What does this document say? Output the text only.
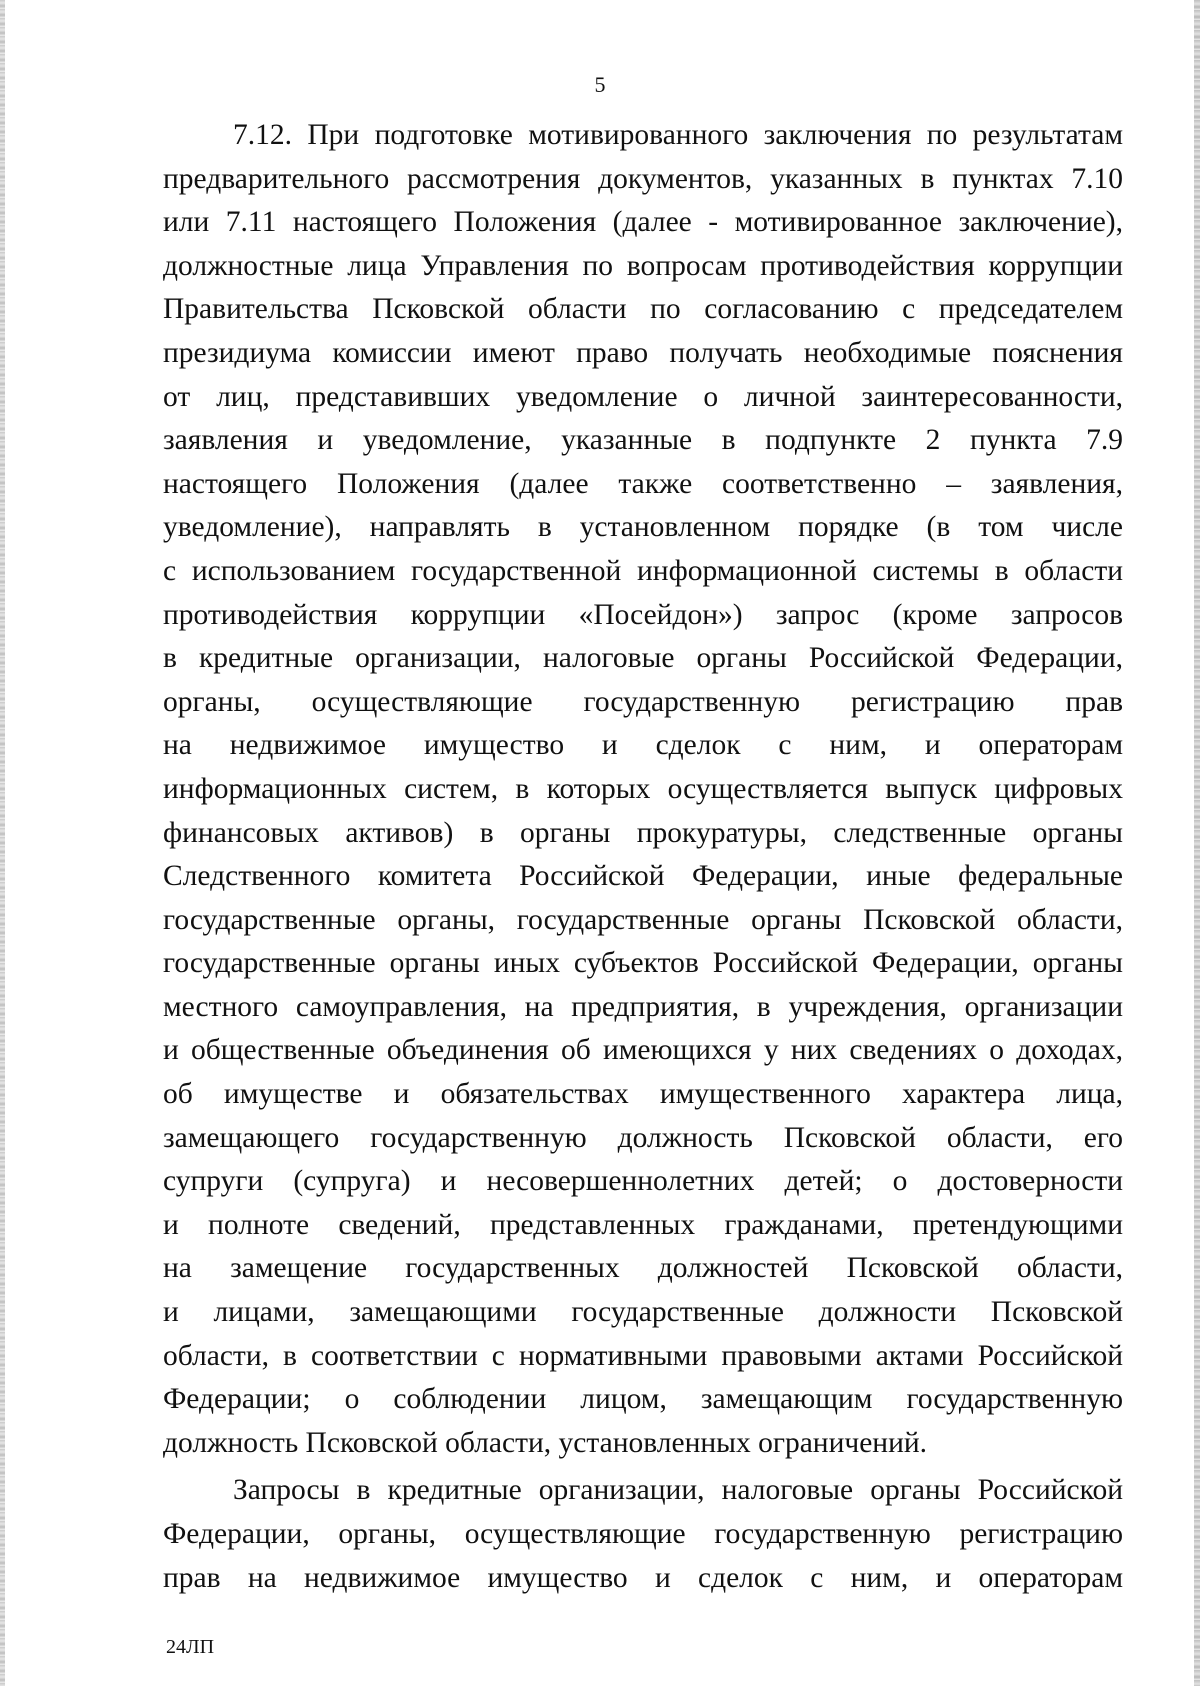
5
7.12. При подготовке мотивированного заключения по результатам
предварительного рассмотрения документов, указанных в пунктах 7.10
или 7.11 настоящего Положения (далее - мотивированное заключение),
должностные лица Управления по вопросам противодействия коррупции
Правительства Псковской области по согласованию с председателем
президиума комиссии имеют право получать необходимые пояснения
от лиц, представивших уведомление о личной заинтересованности,
заявления и уведомление, указанные в подпункте 2 пункта 7.9
настоящего Положения (далее также соответственно – заявления,
уведомление), направлять в установленном порядке (в том числе
с использованием государственной информационной системы в области
противодействия коррупции «Посейдон») запрос (кроме запросов
в кредитные организации, налоговые органы Российской Федерации,
органы, осуществляющие государственную регистрацию прав
на недвижимое имущество и сделок с ним, и операторам
информационных систем, в которых осуществляется выпуск цифровых
финансовых активов) в органы прокуратуры, следственные органы
Следственного комитета Российской Федерации, иные федеральные
государственные органы, государственные органы Псковской области,
государственные органы иных субъектов Российской Федерации, органы
местного самоуправления, на предприятия, в учреждения, организации
и общественные объединения об имеющихся у них сведениях о доходах,
об имуществе и обязательствах имущественного характера лица,
замещающего государственную должность Псковской области, его
супруги (супруга) и несовершеннолетних детей; о достоверности
и полноте сведений, представленных гражданами, претендующими
на замещение государственных должностей Псковской области,
и лицами, замещающими государственные должности Псковской
области, в соответствии с нормативными правовыми актами Российской
Федерации; о соблюдении лицом, замещающим государственную
должность Псковской области, установленных ограничений.
Запросы в кредитные организации, налоговые органы Российской
Федерации, органы, осуществляющие государственную регистрацию
прав на недвижимое имущество и сделок с ним, и операторам
24ЛП
